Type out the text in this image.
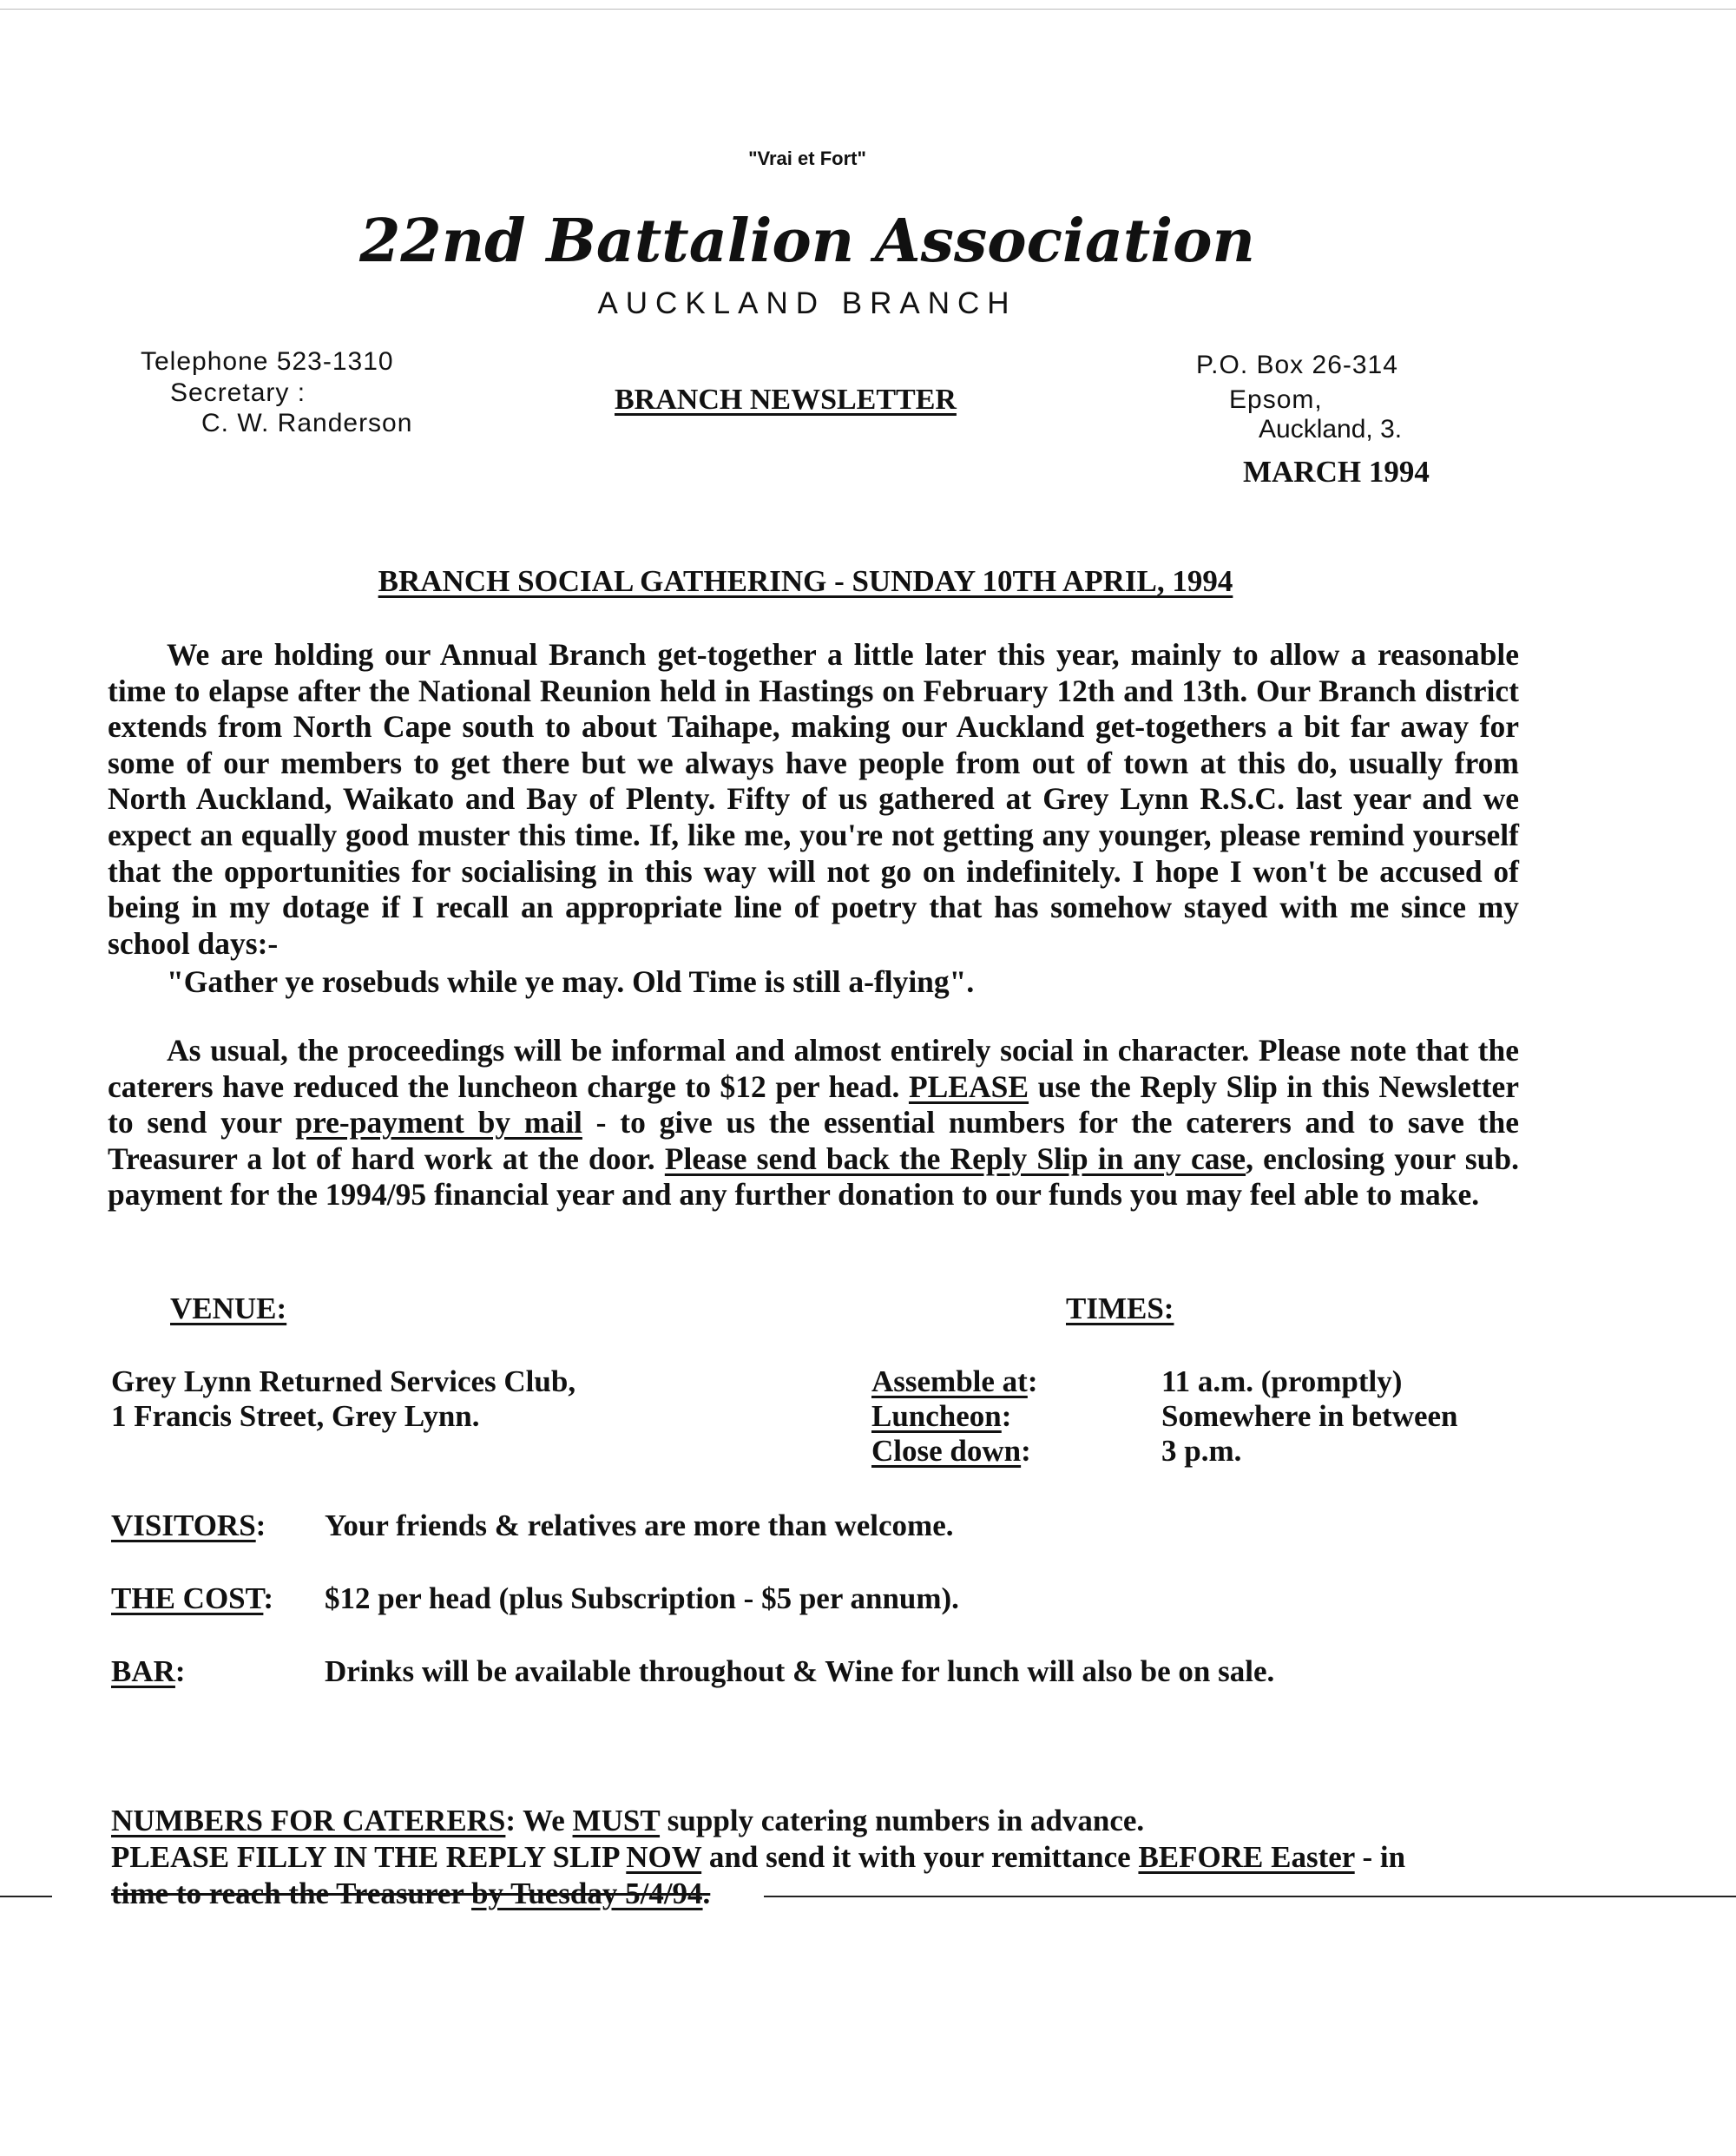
"Vrai et Fort"
22nd Battalion Association
AUCKLAND BRANCH
Telephone 523-1310
Secretary :
C. W. Randerson
BRANCH NEWSLETTER
P.O. Box 26-314
Epsom,
Auckland, 3.
MARCH 1994
BRANCH SOCIAL GATHERING - SUNDAY 10TH APRIL, 1994
We are holding our Annual Branch get-together a little later this year, mainly to allow a reasonable time to elapse after the National Reunion held in Hastings on February 12th and 13th. Our Branch district extends from North Cape south to about Taihape, making our Auckland get-togethers a bit far away for some of our members to get there but we always have people from out of town at this do, usually from North Auckland, Waikato and Bay of Plenty. Fifty of us gathered at Grey Lynn R.S.C. last year and we expect an equally good muster this time. If, like me, you're not getting any younger, please remind yourself that the opportunities for socialising in this way will not go on indefinitely. I hope I won't be accused of being in my dotage if I recall an appropriate line of poetry that has somehow stayed with me since my school days:-
"Gather ye rosebuds while ye may. Old Time is still a-flying".
As usual, the proceedings will be informal and almost entirely social in character. Please note that the caterers have reduced the luncheon charge to $12 per head. PLEASE use the Reply Slip in this Newsletter to send your pre-payment by mail - to give us the essential numbers for the caterers and to save the Treasurer a lot of hard work at the door. Please send back the Reply Slip in any case, enclosing your sub. payment for the 1994/95 financial year and any further donation to our funds you may feel able to make.
VENUE:
Grey Lynn Returned Services Club,
1 Francis Street, Grey Lynn.
TIMES:
Assemble at:	11 a.m. (promptly)
Luncheon:	Somewhere in between
Close down:	3 p.m.
VISITORS: Your friends & relatives are more than welcome.
THE COST: $12 per head (plus Subscription - $5 per annum).
BAR:	Drinks will be available throughout & Wine for lunch will also be on sale.
NUMBERS FOR CATERERS: We MUST supply catering numbers in advance.
PLEASE FILLY IN THE REPLY SLIP NOW and send it with your remittance BEFORE Easter - in
time to reach the Treasurer by Tuesday 5/4/94.
